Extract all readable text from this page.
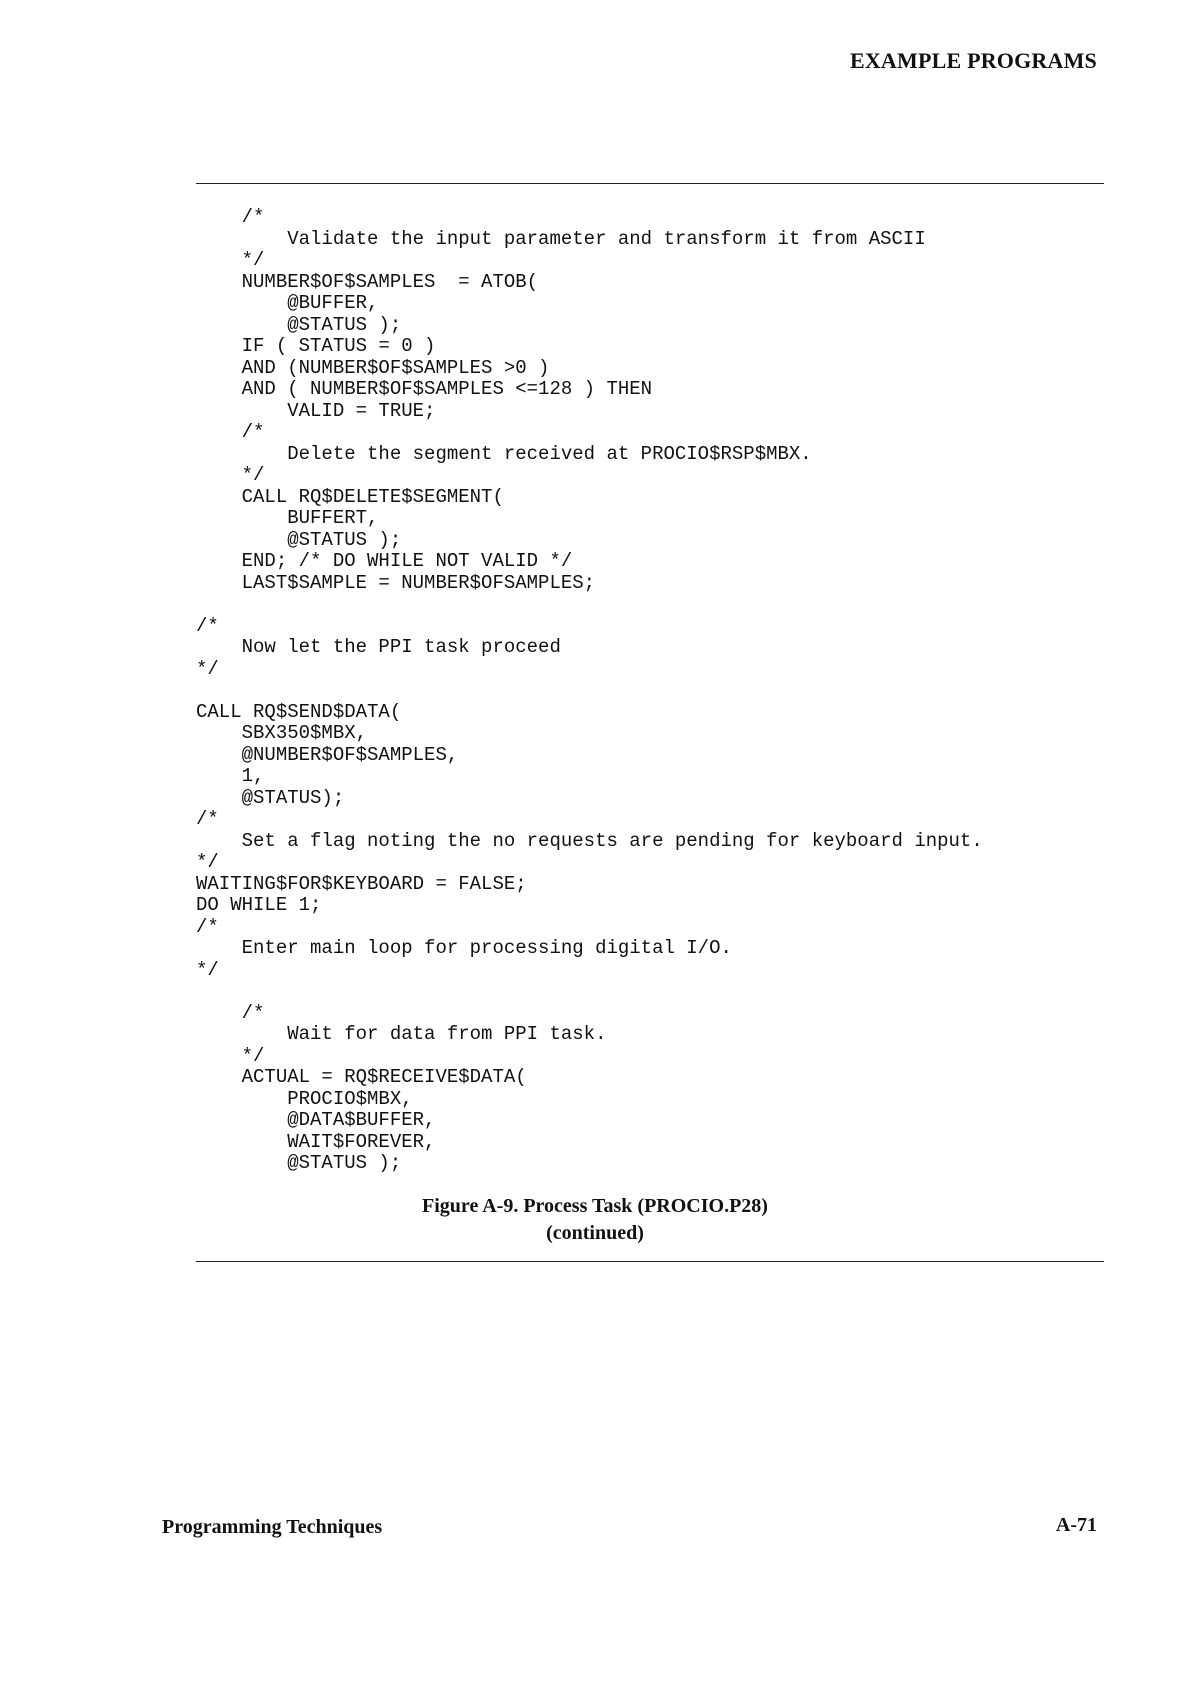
EXAMPLE PROGRAMS
/*
Validate the input parameter and transform it from ASCII
*/
NUMBER$OF$SAMPLES  = ATOB(
@BUFFER,
@STATUS );
IF ( STATUS = 0 )
AND (NUMBER$OF$SAMPLES >0 )
AND ( NUMBER$OF$SAMPLES <=128 ) THEN
VALID = TRUE;
/*
Delete the segment received at PROCIO$RSP$MBX.
*/
CALL RQ$DELETE$SEGMENT(
BUFFERT,
@STATUS );
END; /* DO WHILE NOT VALID */
LAST$SAMPLE = NUMBER$OFSAMPLES;
/*
Now let the PPI task proceed
*/
CALL RQ$SEND$DATA(
SBX350$MBX,
@NUMBER$OF$SAMPLES,
1,
@STATUS);
/*
Set a flag noting the no requests are pending for keyboard input.
*/
WAITING$FOR$KEYBOARD = FALSE;
DO WHILE 1;
/*
Enter main loop for processing digital I/O.
*/
/*
Wait for data from PPI task.
*/
ACTUAL = RQ$RECEIVE$DATA(
PROCIO$MBX,
@DATA$BUFFER,
WAIT$FOREVER,
@STATUS );

Figure A-9. Process Task (PROCIO.P28)
(continued)

Programming Techniques	A-71
